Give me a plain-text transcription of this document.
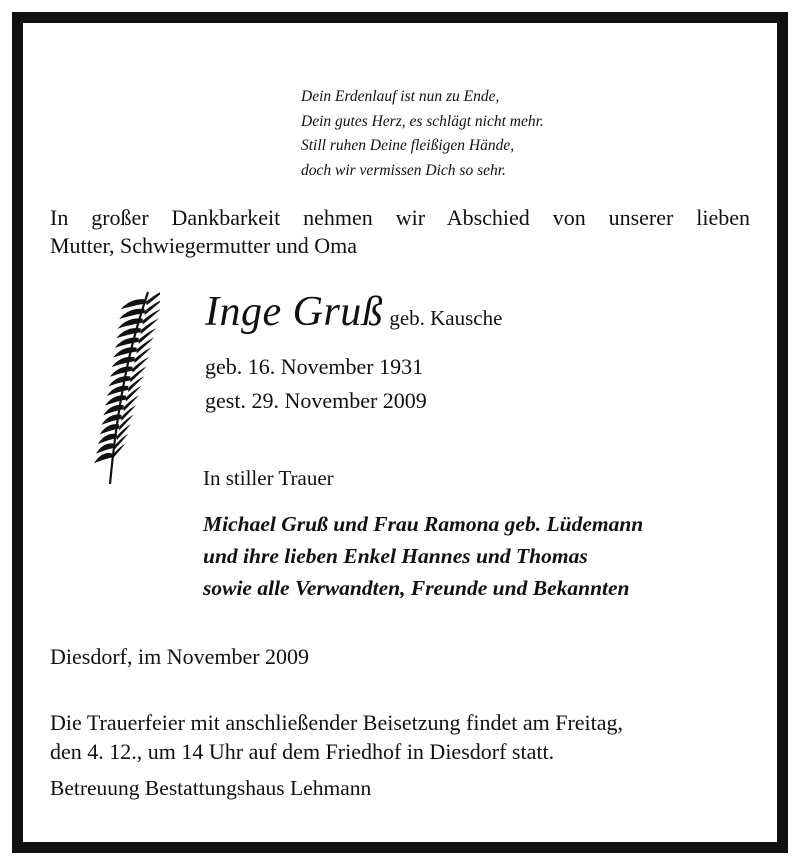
Dein Erdenlauf ist nun zu Ende,
Dein gutes Herz, es schlägt nicht mehr.
Still ruhen Deine fleißigen Hände,
doch wir vermissen Dich so sehr.
In großer Dankbarkeit nehmen wir Abschied von unserer lieben
Mutter, Schwiegermutter und Oma
Inge Gruß geb. Kausche
geb. 16. November 1931
gest. 29. November 2009
In stiller Trauer
Michael Gruß und Frau Ramona geb. Lüdemann
und ihre lieben Enkel Hannes und Thomas
sowie alle Verwandten, Freunde und Bekannten
Diesdorf, im November 2009
Die Trauerfeier mit anschließender Beisetzung findet am Freitag,
den 4. 12., um 14 Uhr auf dem Friedhof in Diesdorf statt.
Betreuung Bestattungshaus Lehmann
